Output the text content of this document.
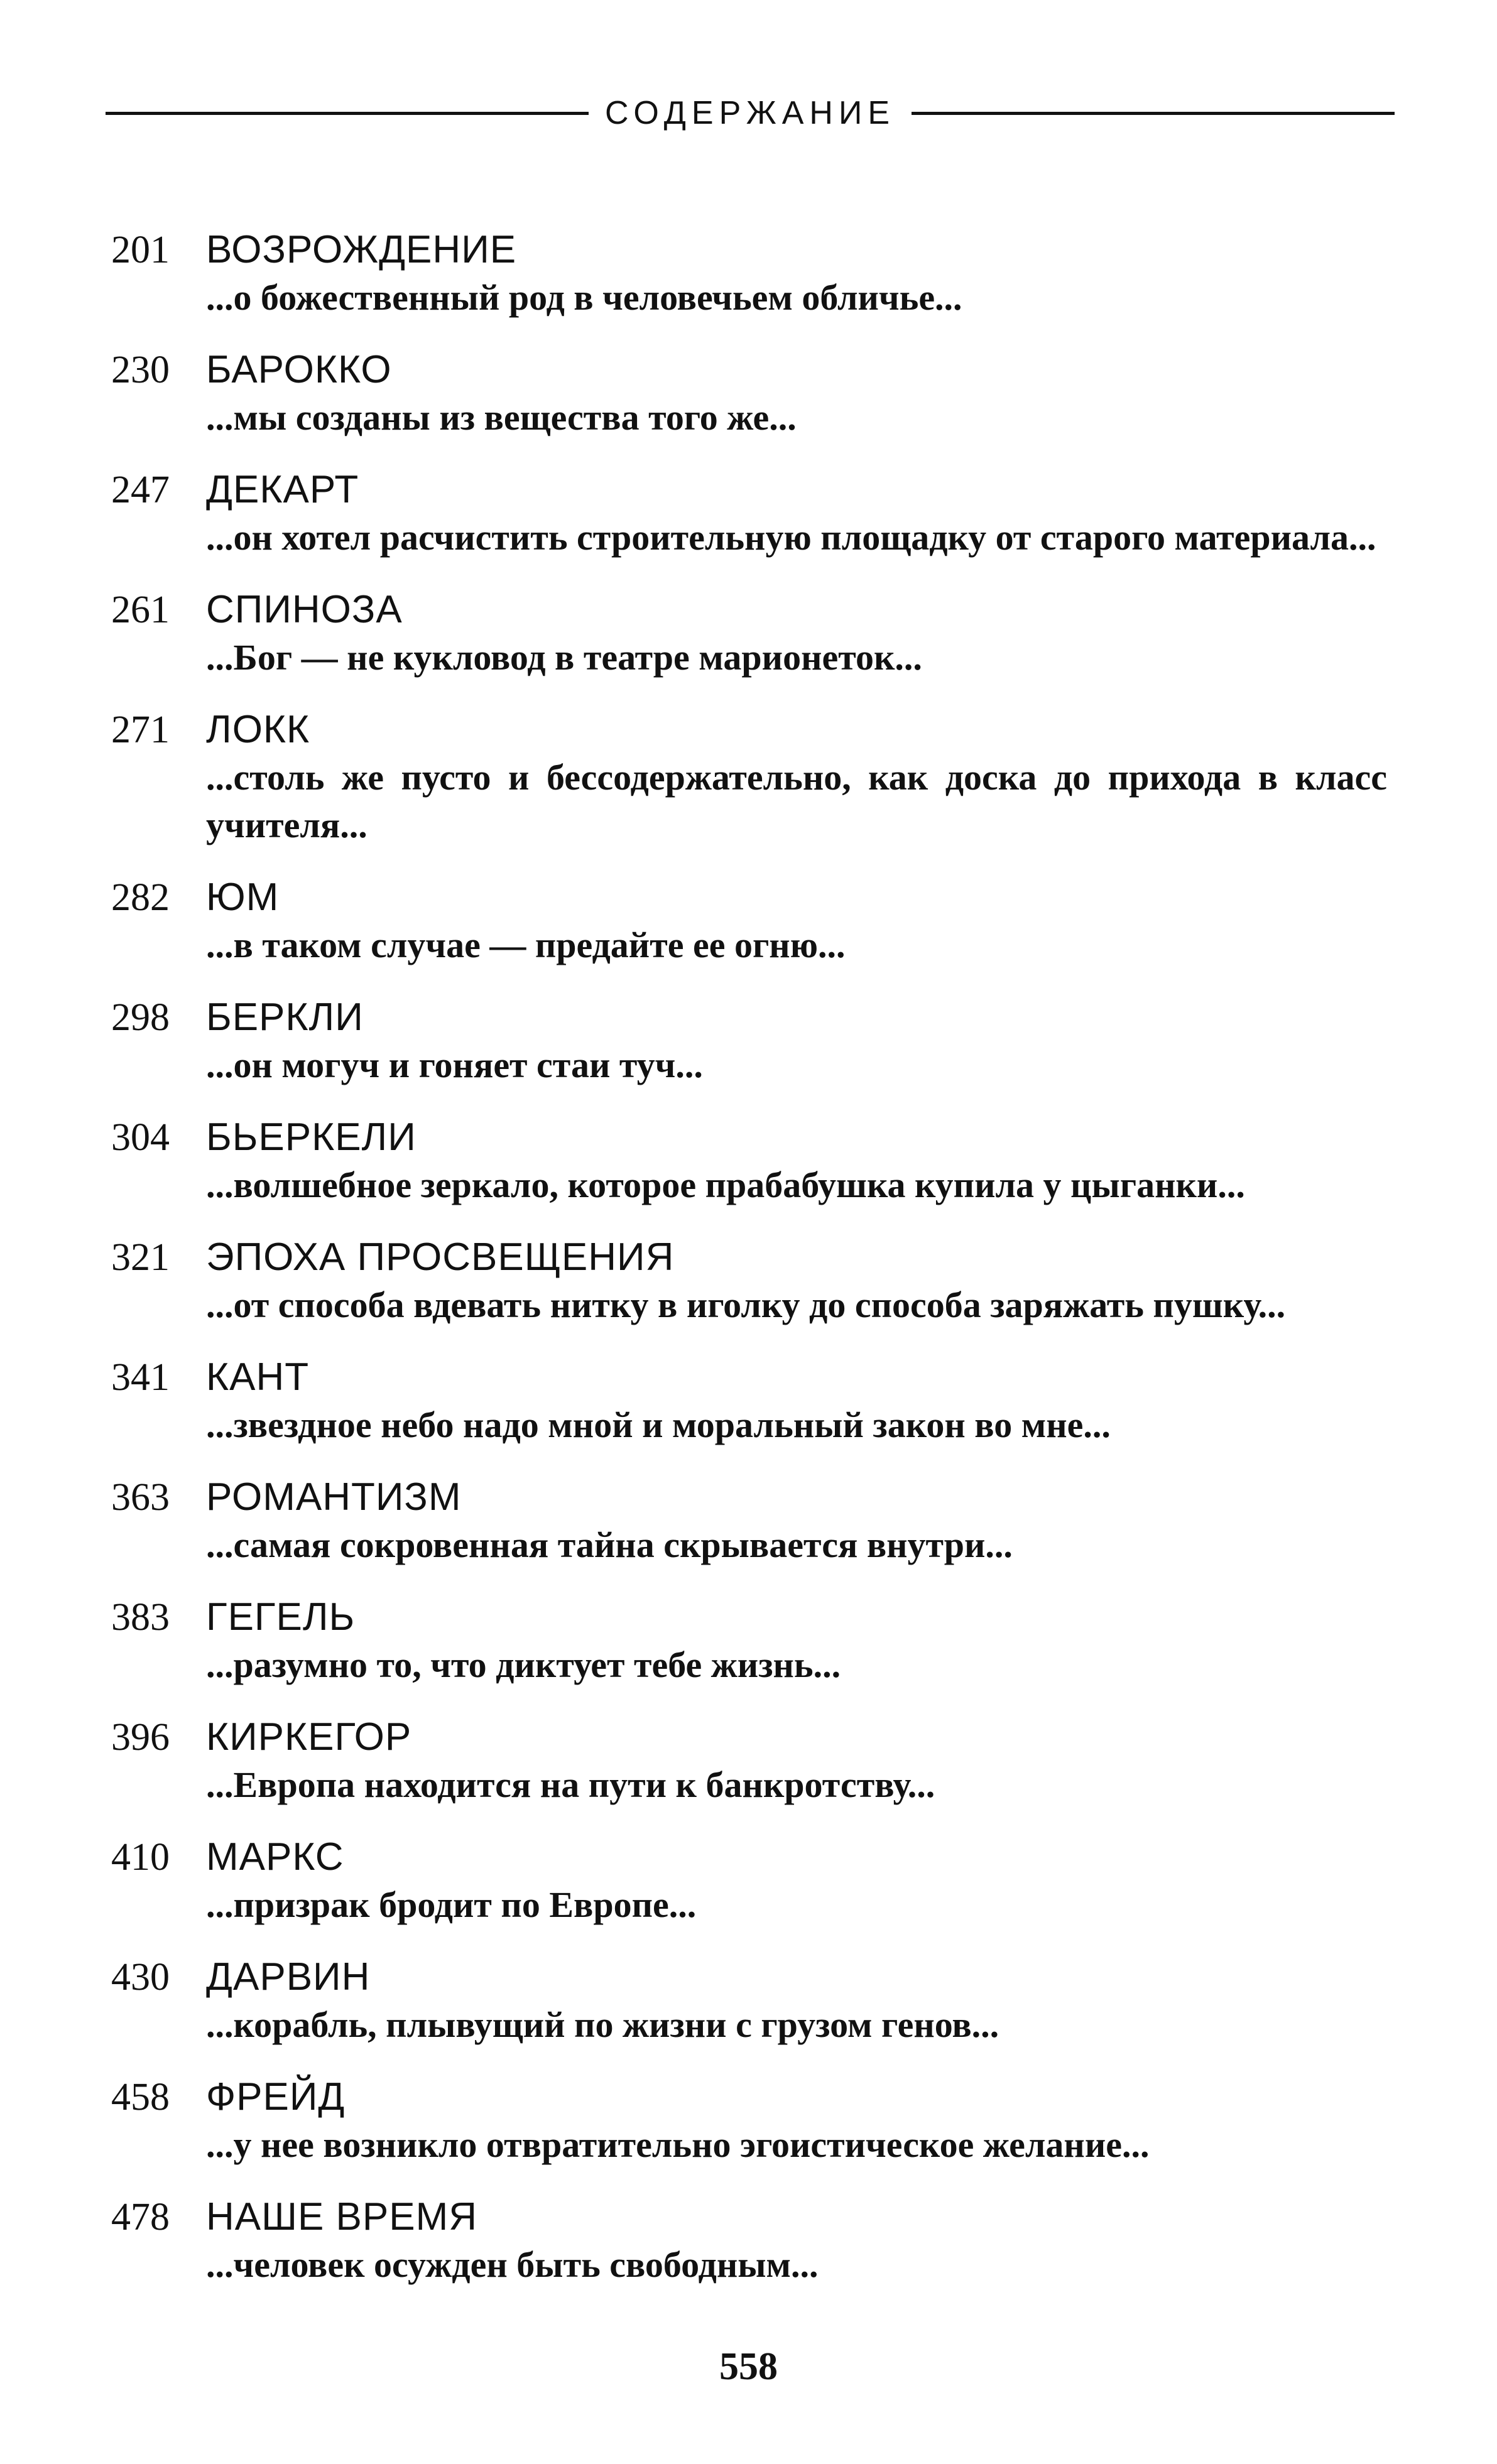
СОДЕРЖАНИЕ
201 ВОЗРОЖДЕНИЕ
...о божественный род в человечьем обличье...
230 БАРОККО
...мы созданы из вещества того же...
247 ДЕКАРТ
...он хотел расчистить строительную площадку от старого материала...
261 СПИНОЗА
...Бог — не кукловод в театре марионеток...
271 ЛОКК
...столь же пусто и бессодержательно, как доска до прихода в класс учителя...
282 ЮМ
...в таком случае — предайте ее огню...
298 БЕРКЛИ
...он могуч и гоняет стаи туч...
304 БЬЕРКЕЛИ
...волшебное зеркало, которое прабабушка купила у цыганки...
321 ЭПОХА ПРОСВЕЩЕНИЯ
...от способа вдевать нитку в иголку до способа заряжать пушку...
341 КАНТ
...звездное небо надо мной и моральный закон во мне...
363 РОМАНТИЗМ
...самая сокровенная тайна скрывается внутри...
383 ГЕГЕЛЬ
...разумно то, что диктует тебе жизнь...
396 КИРКЕГОР
...Европа находится на пути к банкротству...
410 МАРКС
...призрак бродит по Европе...
430 ДАРВИН
...корабль, плывущий по жизни с грузом генов...
458 ФРЕЙД
...у нее возникло отвратительно эгоистическое желание...
478 НАШЕ ВРЕМЯ
...человек осужден быть свободным...
558
